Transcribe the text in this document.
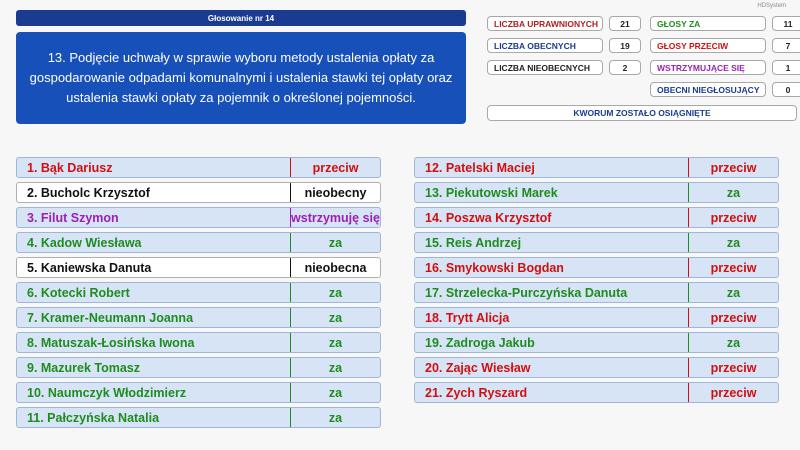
Głosowanie nr 14
HDSystem
13. Podjęcie uchwały w sprawie wyboru metody ustalenia opłaty za gospodarowanie odpadami komunalnymi i ustalenia stawki tej opłaty oraz ustalenia stawki opłaty za pojemnik o określonej pojemności.
LICZBA UPRAWNIONYCH	21
LICZBA OBECNYCH	19
LICZBA NIEOBECNYCH	2
GŁOSY ZA	11
GŁOSY PRZECIW	7
WSTRZYMUJĄCE SIĘ	1
OBECNI NIEGŁOSUJĄCY	0
KWORUM ZOSTAŁO OSIĄGNIĘTE
1. Bąk Dariusz	przeciw
2. Bucholc Krzysztof	nieobecny
3. Filut Szymon	wstrzymuję się
4. Kadow Wiesława	za
5. Kaniewska Danuta	nieobecna
6. Kotecki Robert	za
7. Kramer-Neumann Joanna	za
8. Matuszak-Łosińska Iwona	za
9. Mazurek Tomasz	za
10. Naumczyk Włodzimierz	za
11. Pałczyńska Natalia	za
12. Patelski Maciej	przeciw
13. Piekutowski Marek	za
14. Poszwa Krzysztof	przeciw
15. Reis Andrzej	za
16. Smykowski Bogdan	przeciw
17. Strzelecka-Purczyńska Danuta	za
18. Trytt Alicja	przeciw
19. Zadroga Jakub	za
20. Zając Wiesław	przeciw
21. Zych Ryszard	przeciw
